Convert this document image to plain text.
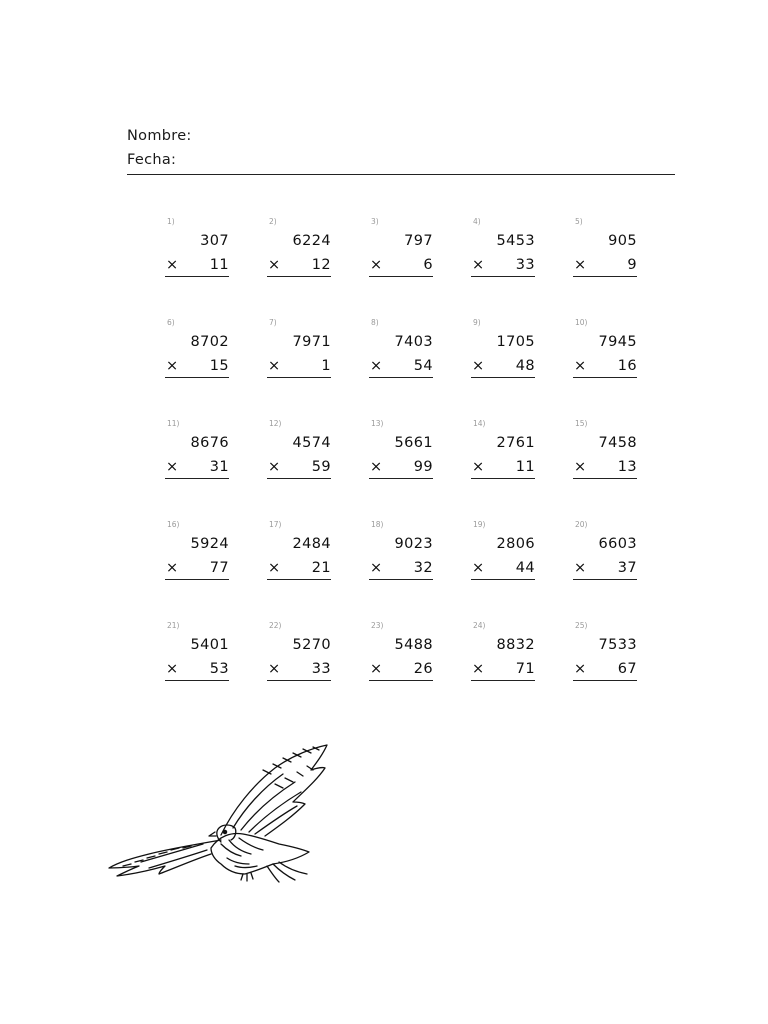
Nombre:
Fecha:
1)
307
× 11
2)
6224
× 12
3)
797
×	6
4)
5453
× 33
5)
905
×	9
6)
8702
× 15
7)
7971
×	1
8)
7403
× 54
9)
1705
× 48
10)
7945
× 16
11)
8676
× 31
12)
4574
× 59
13)
5661
× 99
14)
2761
× 11
15)
7458
× 13
16)
5924
× 77
17)
2484
× 21
18)
9023
× 32
19)
2806
× 44
20)
6603
× 37
21)
5401
× 53
22)
5270
× 33
23)
5488
× 26
24)
8832
× 71
25)
7533
× 67
